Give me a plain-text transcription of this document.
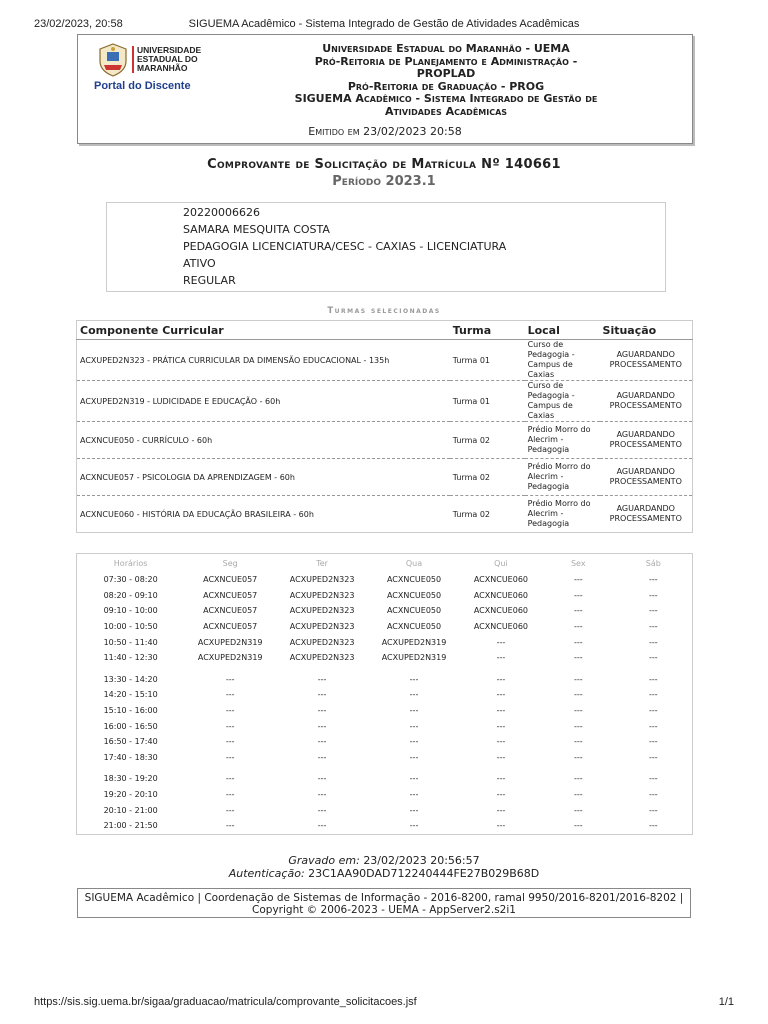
23/02/2023, 20:58	SIGUEMA Acadêmico - Sistema Integrado de Gestão de Atividades Acadêmicas
UNIVERSIDADE
ESTADUAL DO
MARANHÃO
Portal do Discente
Universidade Estadual do Maranhão - UEMA
Pró-Reitoria de Planejamento e Administração -
PROPLAD
Pró-Reitoria de Graduação - PROG
SIGUEMA Acadêmico - Sistema Integrado de Gestão de
Atividades Acadêmicas
Emitido em 23/02/2023 20:58
Comprovante de Solicitação de Matrícula Nº 140661
Período 2023.1
20220006626
SAMARA MESQUITA COSTA
PEDAGOGIA LICENCIATURA/CESC - CAXIAS - LICENCIATURA
ATIVO
REGULAR
Turmas selecionadas
Componente Curricular	Turma	Local	Situação
ACXUPED2N323 - PRÁTICA CURRICULAR DA DIMENSÃO EDUCACIONAL - 135h	Turma 01	Curso de Pedagogia - Campus de Caxias	AGUARDANDO PROCESSAMENTO
ACXUPED2N319 - LUDICIDADE E EDUCAÇÃO - 60h	Turma 01	Curso de Pedagogia - Campus de Caxias	AGUARDANDO PROCESSAMENTO
ACXNCUE050 - CURRÍCULO - 60h	Turma 02	Prédio Morro do Alecrim - Pedagogia	AGUARDANDO PROCESSAMENTO
ACXNCUE057 - PSICOLOGIA DA APRENDIZAGEM - 60h	Turma 02	Prédio Morro do Alecrim - Pedagogia	AGUARDANDO PROCESSAMENTO
ACXNCUE060 - HISTÓRIA DA EDUCAÇÃO BRASILEIRA - 60h	Turma 02	Prédio Morro do Alecrim - Pedagogia	AGUARDANDO PROCESSAMENTO
Horários	Seg	Ter	Qua	Qui	Sex	Sáb
07:30 - 08:20	ACXNCUE057	ACXUPED2N323	ACXNCUE050	ACXNCUE060	---	---
08:20 - 09:10	ACXNCUE057	ACXUPED2N323	ACXNCUE050	ACXNCUE060	---	---
09:10 - 10:00	ACXNCUE057	ACXUPED2N323	ACXNCUE050	ACXNCUE060	---	---
10:00 - 10:50	ACXNCUE057	ACXUPED2N323	ACXNCUE050	ACXNCUE060	---	---
10:50 - 11:40	ACXUPED2N319	ACXUPED2N323	ACXUPED2N319	---	---	---
11:40 - 12:30	ACXUPED2N319	ACXUPED2N323	ACXUPED2N319	---	---	---

13:30 - 14:20	---	---	---	---	---	---
14:20 - 15:10	---	---	---	---	---	---
15:10 - 16:00	---	---	---	---	---	---
16:00 - 16:50	---	---	---	---	---	---
16:50 - 17:40	---	---	---	---	---	---
17:40 - 18:30	---	---	---	---	---	---

18:30 - 19:20	---	---	---	---	---	---
19:20 - 20:10	---	---	---	---	---	---
20:10 - 21:00	---	---	---	---	---	---
21:00 - 21:50	---	---	---	---	---	---
Gravado em: 23/02/2023 20:56:57
Autenticação: 23C1AA90DAD712240444FE27B029B68D
SIGUEMA Acadêmico | Coordenação de Sistemas de Informação - 2016-8200, ramal 9950/2016-8201/2016-8202 |
Copyright © 2006-2023 - UEMA - AppServer2.s2i1
https://sis.sig.uema.br/sigaa/graduacao/matricula/comprovante_solicitacoes.jsf	1/1
